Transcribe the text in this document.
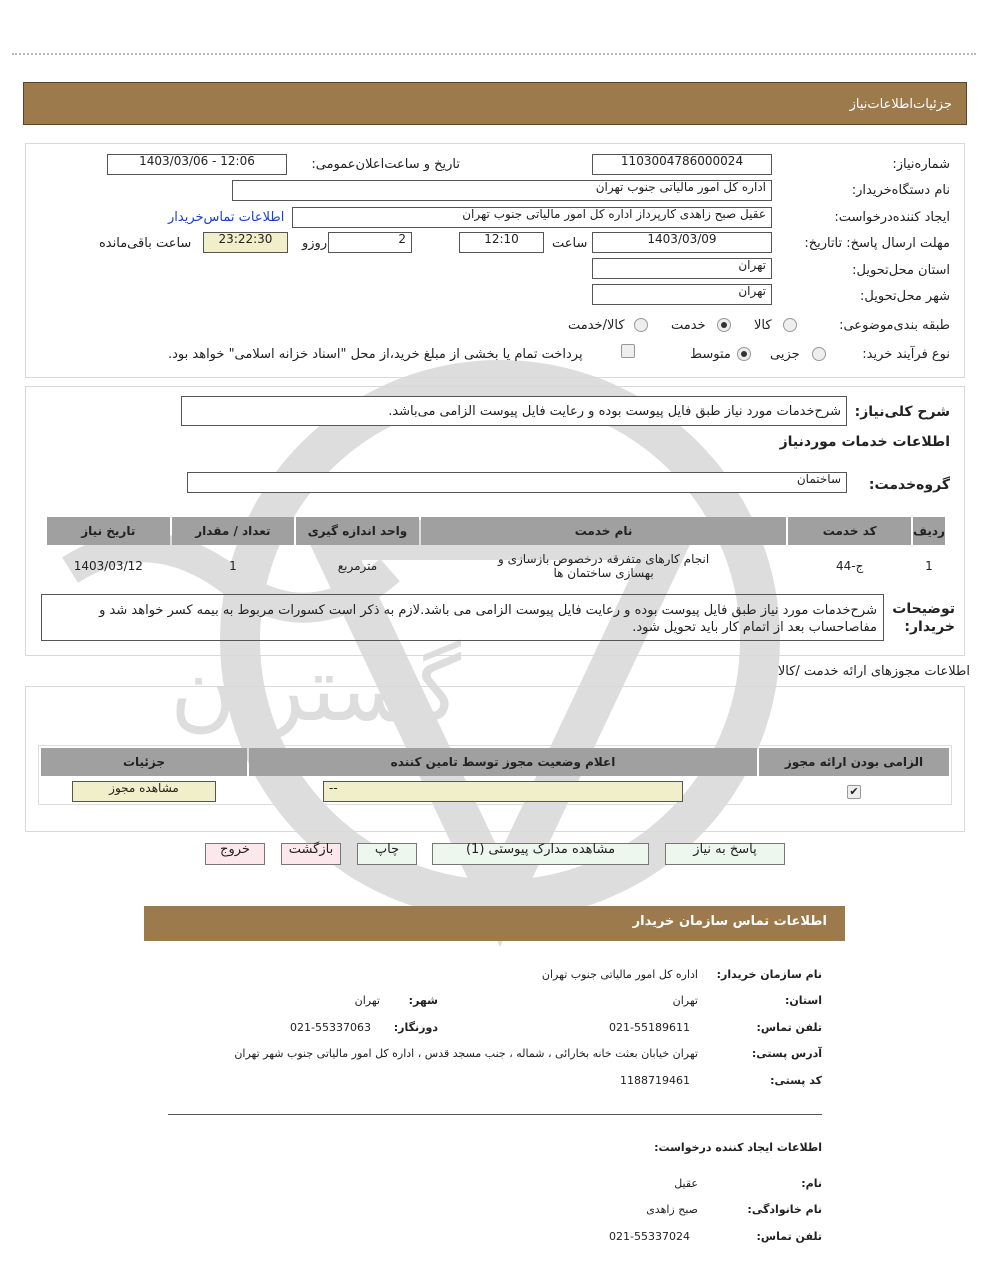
جزئیات‌اطلاعات‌نیاز
گستران
شماره‌نیاز:
1103004786000024
تاریخ و ساعت‌اعلان‌عمومی:
1403/03/06 - 12:06
نام دستگاه‌خریدار:
اداره کل امور مالیاتی جنوب تهران
ایجاد کننده‌درخواست:
عقیل صبح زاهدی کارپرداز اداره کل امور مالیاتی جنوب تهران
اطلاعات تماس‌خریدار
مهلت ارسال پاسخ: تاتاریخ:
1403/03/09
ساعت
12:10
2
روزو
23:22:30
ساعت باقی‌مانده
استان محل‌تحویل:
تهران
شهر محل‌تحویل:
تهران
طبقه بندی‌موضوعی:
کالا
خدمت
کالا/خدمت
نوع فرآیند خرید:
جزیی
متوسط
پرداخت تمام یا بخشی از مبلغ خرید،از محل "اسناد خزانه اسلامی" خواهد بود.
شرح کلی‌نیاز:
شرح‌خدمات مورد نیاز طبق فایل پیوست بوده و رعایت فایل پیوست الزامی می‌باشد.
اطلاعات خدمات مورد‌نیاز
گروه‌خدمت:
ساختمان
ردیف	کد خدمت	نام خدمت	واحد اندازه گیری	تعداد / مقدار	تاریخ نیاز
1	ج-44	انجام کارهای متفرقه درخصوص بازسازی و بهسازی ساختمان ها	مترمربع	1	1403/03/12
توضیحات
خریدار:
شرح‌خدمات مورد نیاز طبق فایل پیوست بوده و رعایت فایل پیوست الزامی می باشد.لازم به ذکر است کسورات مربوط به بیمه کسر خواهد شد و مفاصاحساب بعد از اتمام کار باید تحویل شود.
اطلاعات مجوزهای ارائه خدمت /کالا
الزامی بودن ارائه مجوز	اعلام وضعیت مجوز توسط تامین کننده	جزئیات
✔	--	مشاهده مجوز
پاسخ به نیاز
مشاهده مدارک پیوستی (1)
چاپ
بازگشت
خروج
اطلاعات تماس سازمان خریدار
نام سازمان خریدار:
اداره کل امور مالیاتی جنوب تهران
استان:
تهران
شهر:
تهران
تلفن تماس:
021-55189611
دورنگار:
021-55337063
آدرس پستی:
تهران خیابان بعثت خانه بخارائی ، شماله ، جنب مسجد قدس ، اداره کل امور مالیاتی جنوب شهر تهران
کد پستی:
1188719461
اطلاعات ایجاد کننده درخواست:
نام:
عقیل
نام خانوادگی:
صبح زاهدی
تلفن تماس:
021-55337024
